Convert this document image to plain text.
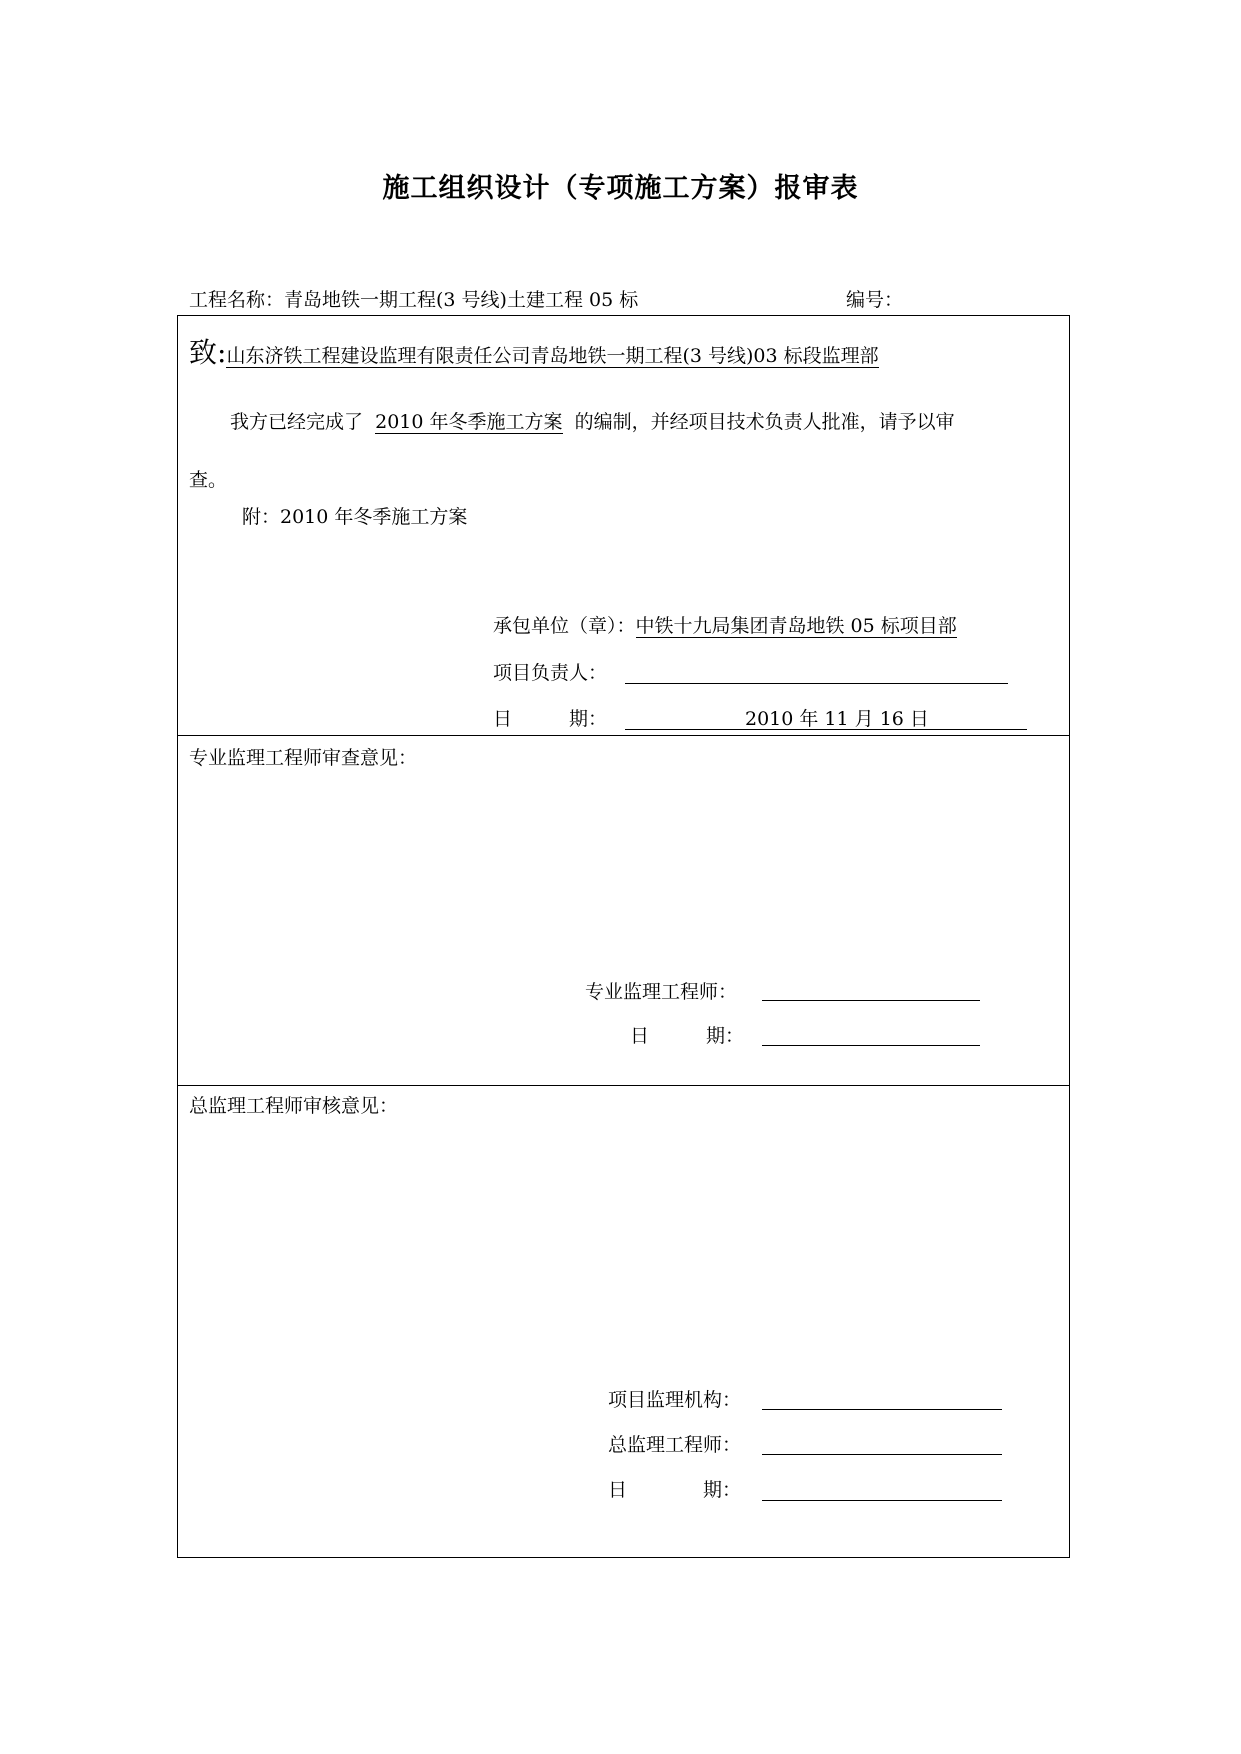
施工组织设计（专项施工方案）报审表
工程名称：青岛地铁一期工程(3 号线)土建工程 05 标	编号：
致:山东济铁工程建设监理有限责任公司青岛地铁一期工程(3 号线)03 标段监理部
我方已经完成了 2010 年冬季施工方案 的编制，并经项目技术负责人批准，请予以审
查。
附：2010 年冬季施工方案
承包单位（章）：中铁十九局集团青岛地铁 05 标项目部
项目负责人：
日　　　期：	2010 年 11 月 16 日
专业监理工程师审查意见：
专业监理工程师：
日　　　期：
总监理工程师审核意见：
项目监理机构：
总监理工程师：
日　　　　期：
